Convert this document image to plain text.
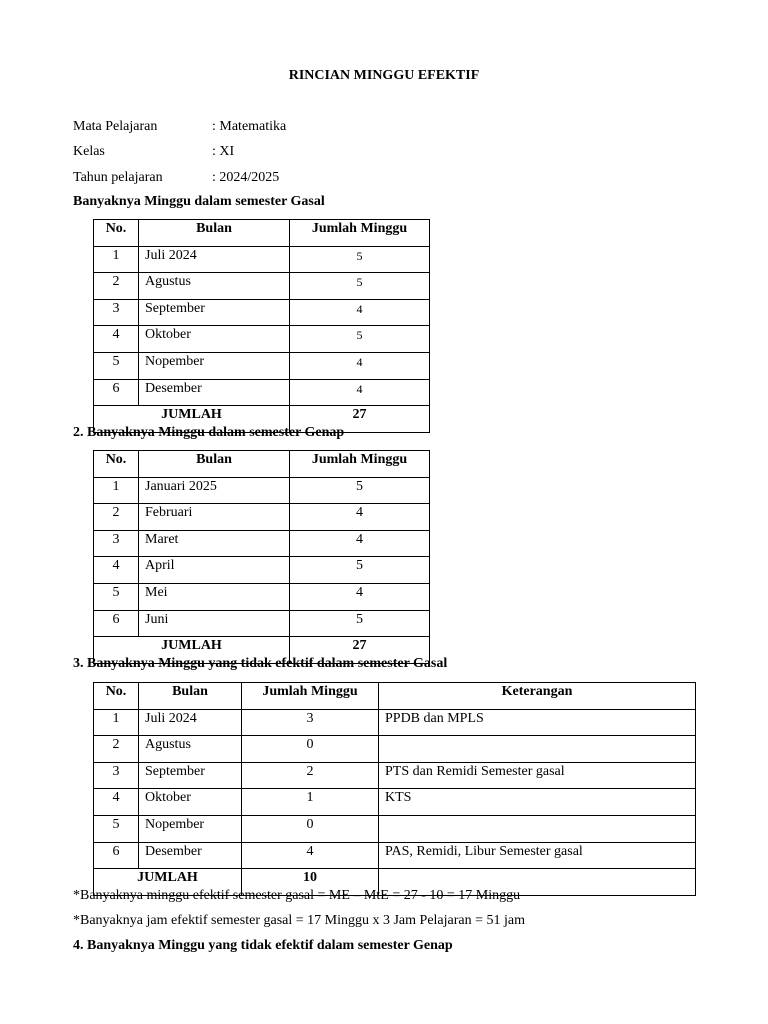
RINCIAN MINGGU EFEKTIF
Mata Pelajaran	: Matematika
Kelas	: XI
Tahun pelajaran	: 2024/2025
Banyaknya Minggu dalam semester Gasal
No.	Bulan	Jumlah Minggu
1	Juli 2024	5
2	Agustus	5
3	September	4
4	Oktober	5
5	Nopember	4
6	Desember	4
JUMLAH		27
2. Banyaknya Minggu dalam semester Genap
No.	Bulan	Jumlah Minggu
1	Januari 2025	5
2	Februari	4
3	Maret	4
4	April	5
5	Mei	4
6	Juni	5
JUMLAH		27
3. Banyaknya Minggu yang tidak efektif dalam semester Gasal
No.	Bulan	Jumlah Minggu	Keterangan
1	Juli 2024	3	PPDB dan MPLS
2	Agustus	0	
3	September	2	PTS dan Remidi Semester gasal
4	Oktober	1	KTS
5	Nopember	0	
6	Desember	4	PAS, Remidi, Libur Semester gasal
JUMLAH		10	
*Banyaknya minggu efektif semester gasal = ME – MtE = 27 - 10 = 17 Minggu
*Banyaknya jam efektif semester gasal = 17 Minggu x 3 Jam Pelajaran = 51 jam
4. Banyaknya Minggu yang tidak efektif dalam semester Genap
